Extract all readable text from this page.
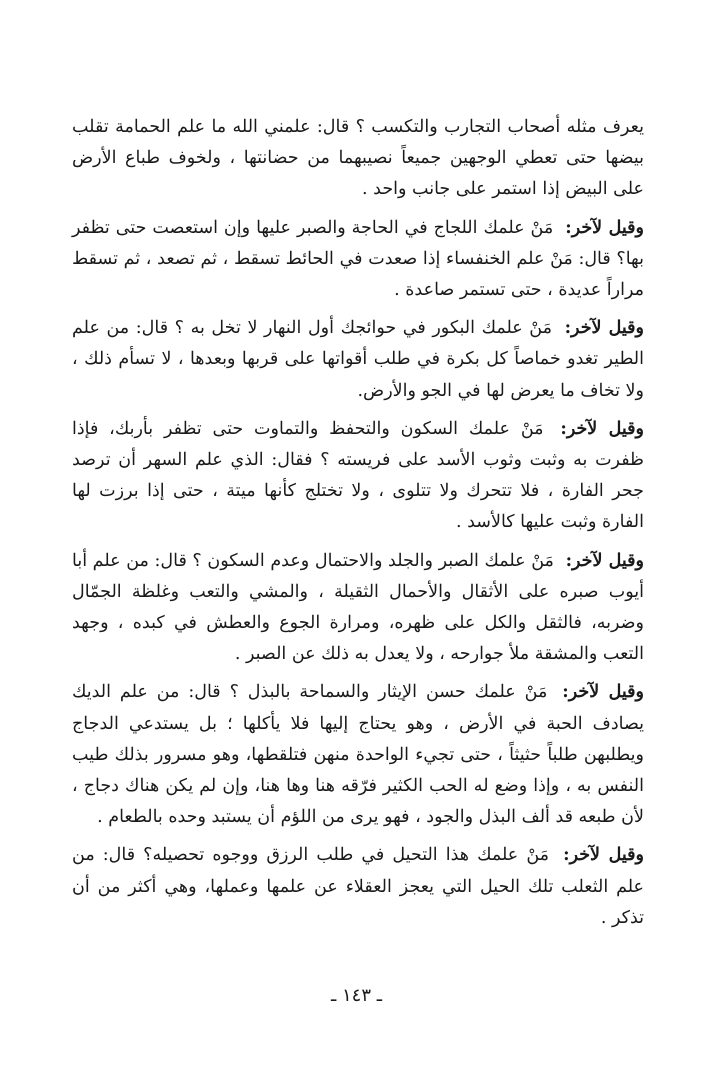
يعرف مثله أصحاب التجارب والتكسب ؟ قال: علمني الله ما علم الحمامة تقلب بيضها حتى تعطي الوجهين جميعاً نصيبهما من حضانتها ، ولخوف طباع الأرض على البيض إذا استمر على جانب واحد .

وقيل لآخر: مَنْ علمك اللجاج في الحاجة والصبر عليها وإن استعصت حتى تظفر بها؟ قال: مَنْ علم الخنفساء إذا صعدت في الحائط تسقط ، ثم تصعد ، ثم تسقط مراراً عديدة ، حتى تستمر صاعدة .

وقيل لآخر: مَنْ علمك البكور في حوائجك أول النهار لا تخل به ؟ قال: من علم الطير تغدو خماصاً كل بكرة في طلب أقواتها على قربها وبعدها ، لا تسأم ذلك ، ولا تخاف ما يعرض لها في الجو والأرض.

وقيل لآخر: مَنْ علمك السكون والتحفظ والتماوت حتى تظفر بأربك، فإذا ظفرت به وثبت وثوب الأسد على فريسته ؟ فقال: الذي علم السهر أن ترصد جحر الفارة ، فلا تتحرك ولا تتلوى ، ولا تختلج كأنها ميتة ، حتى إذا برزت لها الفارة وثبت عليها كالأسد .

وقيل لآخر: مَنْ علمك الصبر والجلد والاحتمال وعدم السكون ؟ قال: من علم أبا أيوب صبره على الأثقال والأحمال الثقيلة ، والمشي والتعب وغلظة الجمّال وضربه، فالثقل والكل على ظهره، ومرارة الجوع والعطش في كبده ، وجهد التعب والمشقة ملأ جوارحه ، ولا يعدل به ذلك عن الصبر .

وقيل لآخر: مَنْ علمك حسن الإيثار والسماحة بالبذل ؟ قال: من علم الديك يصادف الحبة في الأرض ، وهو يحتاج إليها فلا يأكلها ؛ بل يستدعي الدجاج ويطلبهن طلباً حثيثاً ، حتى تجيء الواحدة منهن فتلقطها، وهو مسرور بذلك طيب النفس به ، وإذا وضع له الحب الكثير فرّقه هنا وها هنا، وإن لم يكن هناك دجاج ، لأن طبعه قد ألف البذل والجود ، فهو يرى من اللؤم أن يستبد وحده بالطعام .

وقيل لآخر: مَنْ علمك هذا التحيل في طلب الرزق ووجوه تحصيله؟ قال: من علم الثعلب تلك الحيل التي يعجز العقلاء عن علمها وعملها، وهي أكثر من أن تذكر .

ـ ١٤٣ ـ
